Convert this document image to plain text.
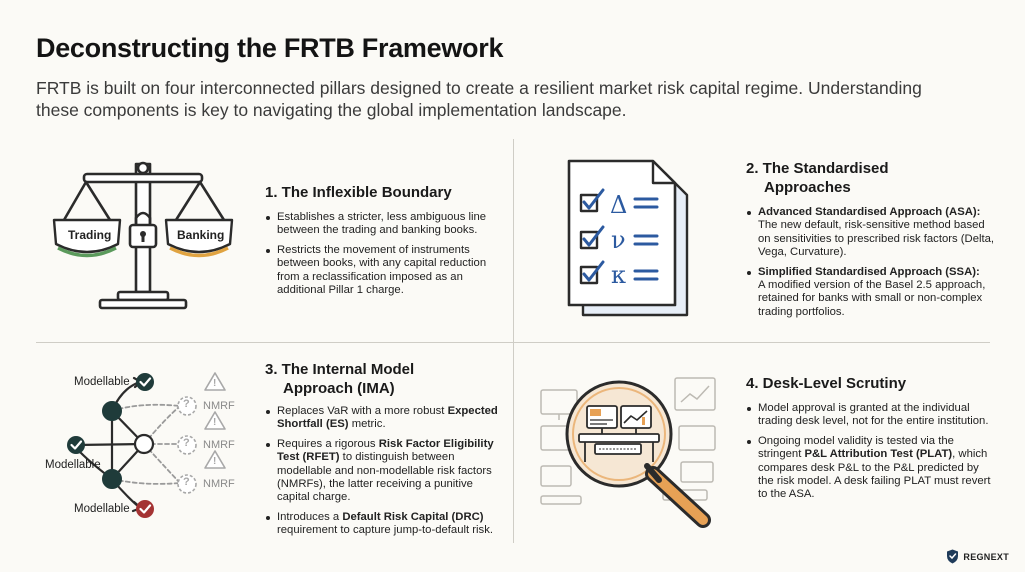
Deconstructing the FRTB Framework
FRTB is built on four interconnected pillars designed to create a resilient market risk capital regime. Understanding these components is key to navigating the global implementation landscape.
Trading	Banking
1. The Inflexible Boundary
Establishes a stricter, less ambiguous line between the trading and banking books.
Restricts the movement of instruments between books, with any capital reduction from a reclassification imposed as an additional Pillar 1 charge.
Δ
ν
κ
2. The Standardised
Approaches
Advanced Standardised Approach (ASA):
The new default, risk-sensitive method based on sensitivities to prescribed risk factors (Delta, Vega, Curvature).
Simplified Standardised Approach (SSA):
A modified version of the Basel 2.5 approach, retained for banks with small or non-complex trading portfolios.
?
?
?
!
!
!
Modellable
Modellable
Modellable
NMRF
NMRF
NMRF
3. The Internal Model
Approach (IMA)
Replaces VaR with a more robust Expected Shortfall (ES) metric.
Requires a rigorous Risk Factor Eligibility Test (RFET) to distinguish between modellable and non-modellable risk factors (NMRFs), the latter receiving a punitive capital charge.
Introduces a Default Risk Capital (DRC) requirement to capture jump-to-default risk.
4. Desk-Level Scrutiny
Model approval is granted at the individual trading desk level, not for the entire institution.
Ongoing model validity is tested via the stringent P&L Attribution Test (PLAT), which compares desk P&L to the P&L predicted by the risk model. A desk failing PLAT must revert to the ASA.
REGNEXT
